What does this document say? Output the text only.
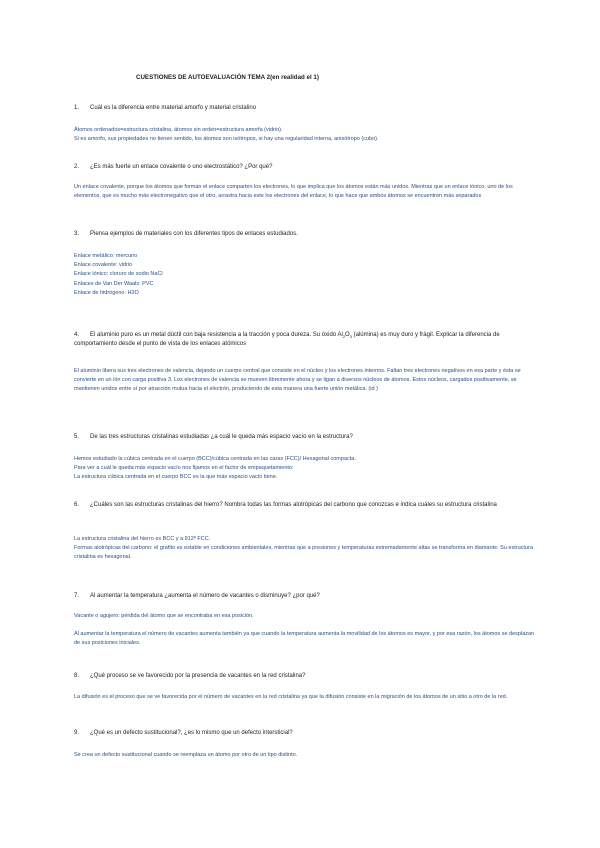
CUESTIONES DE AUTOEVALUACIÓN TEMA 2(en realidad el 1)
1. Cuál es la diferencia entre material amorfo y material cristalino

Átomos ordenados=estructura cristalina, átomos sin orden=estructura amorfa (vidrio).

Si es amorfo, sus propiedades no tienen sentido, los átomos son isótropos, si hay una regularidad interna, anisótropo (cubo).

2. ¿Es más fuerte un enlace covalente o uno electrostático? ¿Por qué?

Un enlace covalente, porque los átomos que forman el enlace comparten los electrones, lo que implica que los átomos están más unidos. Mientras que un enlace iónico, uno de los elementos, que es mucho más electronegativo que el otro, arrastra hacia este los electrones del enlace, lo que hace que ambos átomos se encuentren más separados

3. Piensa ejemplos de materiales con los diferentes tipos de enlaces estudiados.

Enlace metálico: mercurio

Enlace covalente: vidrio

Enlace iónico: cloruro de sodio NaCl

Enlaces de Van Der Waals: PVC

Enlace de hidrógeno: H2O

4. El aluminio puro es un metal dúctil con baja resistencia a la tracción y poca dureza. Su óxido $Al_2O_3$ (alúmina) es muy duro y frágil. Explicar la diferencia de comportamiento desde el punto de vista de los enlaces atómicos

El aluminio libera sus tres electrones de valencia, dejando un cuerpo central que consiste en el núcleo y los electrones internos. Faltan tres electrones negativos en esa parte y ésta se convierte en un ión con carga positiva 3. Los electrones de valencia se mueven libremente ahora y se ligan a diversos núcleos de átomos. Estos núcleos, cargados positivamente, se mantienen unidos entre sí por atracción mutua hacia el electrón, produciendo de esta manera una fuerte unión metálica. (id )

5. De las tres estructuras cristalinas estudiadas ¿a cuál le queda más espacio vacío en la estructura?

Hemos estudiado la cúbica centrada en el cuerpo (BCC)/cúbica centrada en las caras (FCC)/ Hexagonal compacta.

Para ver a cuál le queda más espacio vacío nos fijamos en el factor de empaquetamiento:

La estructura cúbica centrada en el cuerpo BCC es la que más espacio vacío tiene.

6. ¿Cuáles son las estructuras cristalinas del hierro? Nombra todas las formas alotrópicas del carbono que conozcas e indica cuáles su estructura cristalina

La estructura cristalina del hierro es BCC y a 912º FCC.

Formas alotrópicas del carbono: el grafito es estable en condiciones ambientales, mientras que a presiones y temperaturas extremadamente altas se transforma en diamante. Su estructura cristalina es hexagonal.

7. Al aumentar la temperatura ¿aumenta el número de vacantes o disminuye? ¿por qué?

Vacante o agujero: pérdida del átomo que se encontraba en esa posición.

Al aumentar la temperatura el número de vacantes aumenta también ya que cuando la temperatura aumenta la movilidad de los átomos es mayor, y por esa razón, los átomos se desplazan de sus posiciones iniciales.

8. ¿Qué proceso se ve favorecido por la presencia de vacantes en la red cristalina?

La difusión es el proceso que se ve favorecida por el número de vacantes en la red cristalina ya que la difusión consiste en la migración de los átomos de un sitio a otro de la red.

9. ¿Qué es un defecto sustitucional?, ¿es lo mismo que un defecto intersticial?

Se crea un defecto sustitucional cuando se reemplaza un átomo por otro de un tipo distinto.
